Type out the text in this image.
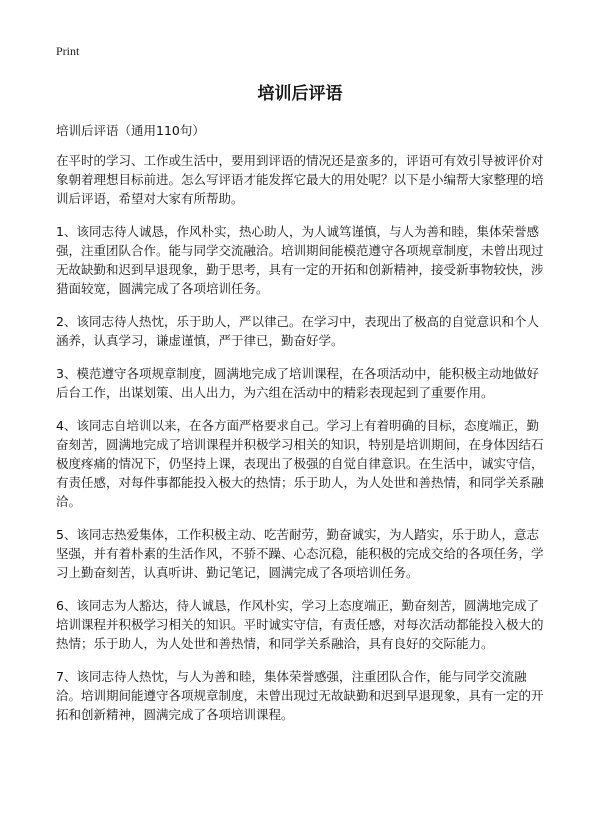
Print
培训后评语

培训后评语（通用110句）

在平时的学习、工作或生活中，要用到评语的情况还是蛮多的，评语可有效引导被评价对象朝着理想目标前进。怎么写评语才能发挥它最大的用处呢？以下是小编帮大家整理的培训后评语，希望对大家有所帮助。

1、该同志待人诚恳，作风朴实，热心助人，为人诚笃谨慎，与人为善和睦，集体荣誉感强，注重团队合作。能与同学交流融洽。培训期间能模范遵守各项规章制度，未曾出现过无故缺勤和迟到早退现象，勤于思考，具有一定的开拓和创新精神，接受新事物较快，涉猎面较宽，圆满完成了各项培训任务。

2、该同志待人热忱，乐于助人，严以律己。在学习中，表现出了极高的自觉意识和个人涵养，认真学习，谦虚谨慎，严于律已，勤奋好学。

3、模范遵守各项规章制度，圆满地完成了培训课程，在各项活动中，能积极主动地做好后台工作，出谋划策、出人出力，为六组在活动中的精彩表现起到了重要作用。

4、该同志自培训以来，在各方面严格要求自己。学习上有着明确的目标，态度端正，勤奋刻苦，圆满地完成了培训课程并积极学习相关的知识，特别是培训期间，在身体因结石极度疼痛的情况下，仍坚持上课，表现出了极强的自觉自律意识。在生活中，诚实守信，有责任感，对每件事都能投入极大的热情；乐于助人，为人处世和善热情，和同学关系融洽。

5、该同志热爱集体，工作积极主动、吃苦耐劳，勤奋诚实，为人踏实，乐于助人，意志坚强，并有着朴素的生活作风，不骄不躁、心态沉稳，能积极的完成交给的各项任务，学习上勤奋刻苦，认真听讲、勤记笔记，圆满完成了各项培训任务。

6、该同志为人豁达，待人诚恳，作风朴实，学习上态度端正，勤奋刻苦，圆满地完成了培训课程并积极学习相关的知识。平时诚实守信，有责任感，对每次活动都能投入极大的热情；乐于助人，为人处世和善热情，和同学关系融洽，具有良好的交际能力。

7、该同志待人热忱，与人为善和睦，集体荣誉感强，注重团队合作，能与同学交流融洽。培训期间能遵守各项规章制度，未曾出现过无故缺勤和迟到早退现象，具有一定的开拓和创新精神，圆满完成了各项培训课程。
